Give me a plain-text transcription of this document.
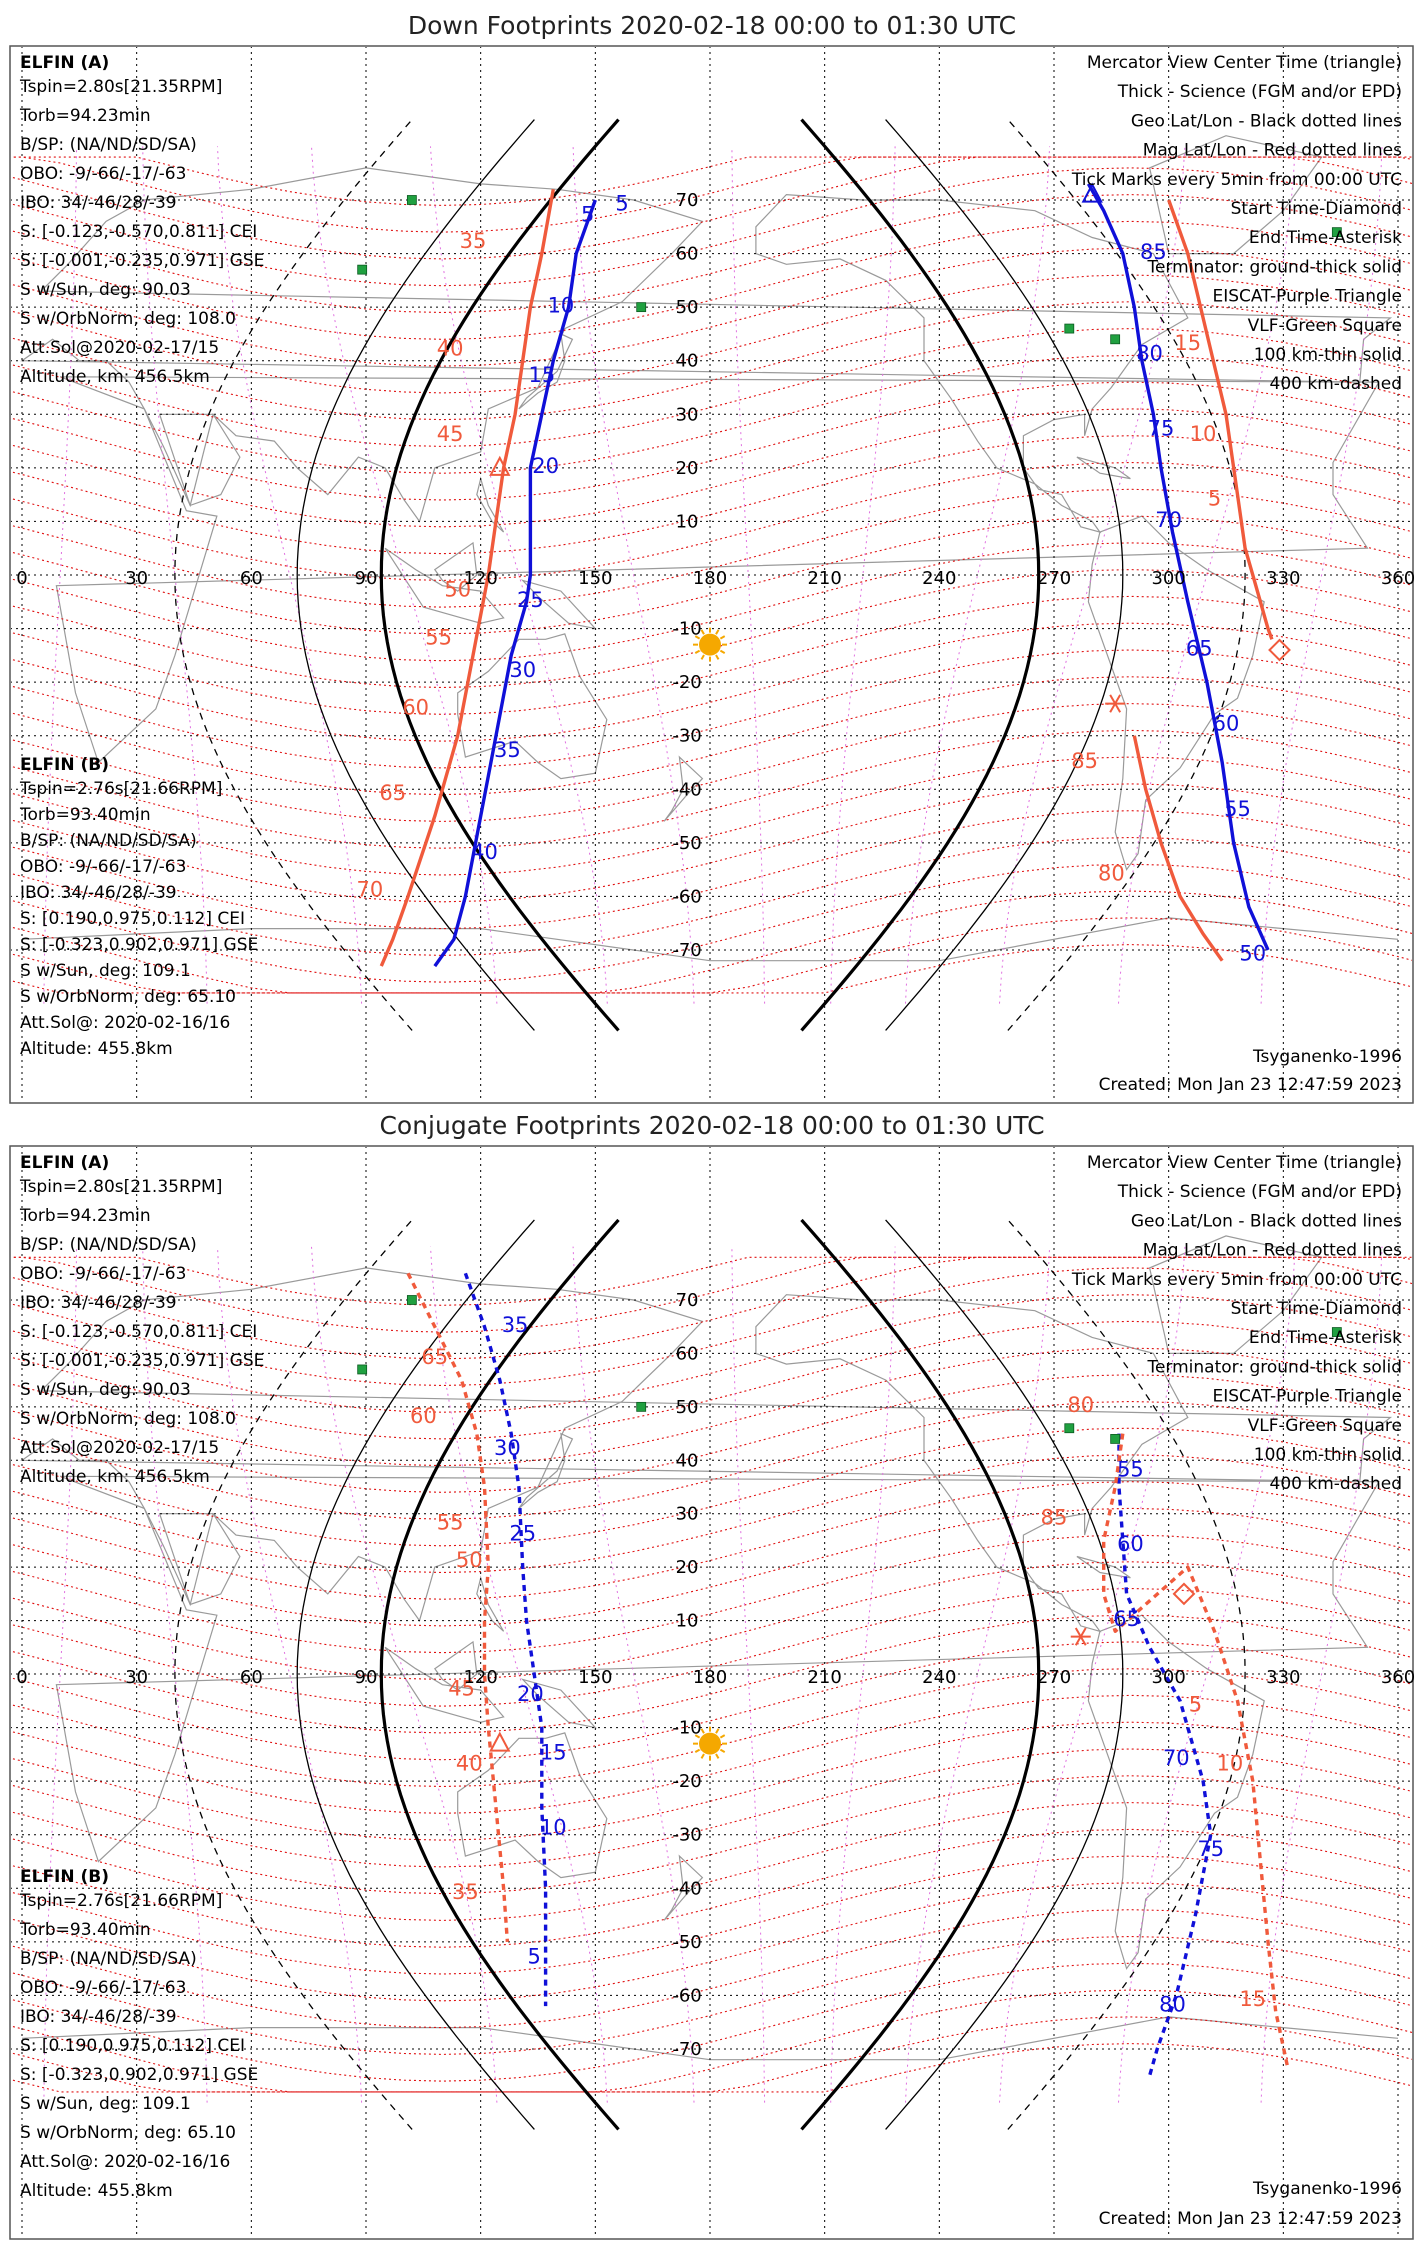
Down Footprints 2020-02-18 00:00 to 01:30 UTC
5
5
10
15
20
25
30
35
40
85
80
75
70
65
60
55
50
35
40
45
50
55
60
65
70
15
10
5
85
80
0	30	60	90	120	150	180	210	240	270	300	330	360
70
60
50
40
30
20
10
-10
-20
-30
-40
-50
-60
-70
ELFIN (A)
Tspin=2.80s[21.35RPM]
Torb=94.23min
B/SP: (NA/ND/SD/SA)
OBO: -9/-66/-17/-63
IBO: 34/-46/28/-39
S: [-0.123,-0.570,0.811] CEI
S: [-0.001,-0.235,0.971] GSE
S w/Sun, deg: 90.03
S w/OrbNorm, deg: 108.0
Att.Sol@2020-02-17/15
Altitude, km: 456.5km
ELFIN (B)
Tspin=2.76s[21.66RPM]
Torb=93.40min
B/SP: (NA/ND/SD/SA)
OBO: -9/-66/-17/-63
IBO: 34/-46/28/-39
S: [0.190,0.975,0.112] CEI
S: [-0.323,0.902,0.971] GSE
S w/Sun, deg: 109.1
S w/OrbNorm, deg: 65.10
Att.Sol@: 2020-02-16/16
Altitude: 455.8km
Mercator View Center Time (triangle)
Thick - Science (FGM and/or EPD)
Geo Lat/Lon - Black dotted lines
Mag Lat/Lon - Red dotted lines
Tick Marks every 5min from 00:00 UTC
Start Time-Diamond
End Time-Asterisk
Terminator: ground-thick solid
EISCAT-Purple Triangle
VLF-Green Square
100 km-thin solid
400 km-dashed
Tsyganenko-1996
Created: Mon Jan 23 12:47:59 2023
Conjugate Footprints 2020-02-18 00:00 to 01:30 UTC
35
30
25
20
15
10
5
55
60
65
70
75
80
65
60
55
50
45
40
35
80
85
5
10
15
0	30	60	90	120	150	180	210	240	270	300	330	360
70
60
50
40
30
20
10
-10
-20
-30
-40
-50
-60
-70
ELFIN (A)
Tspin=2.80s[21.35RPM]
Torb=94.23min
B/SP: (NA/ND/SD/SA)
OBO: -9/-66/-17/-63
IBO: 34/-46/28/-39
S: [-0.123,-0.570,0.811] CEI
S: [-0.001,-0.235,0.971] GSE
S w/Sun, deg: 90.03
S w/OrbNorm, deg: 108.0
Att.Sol@2020-02-17/15
Altitude, km: 456.5km
ELFIN (B)
Tspin=2.76s[21.66RPM]
Torb=93.40min
B/SP: (NA/ND/SD/SA)
OBO: -9/-66/-17/-63
IBO: 34/-46/28/-39
S: [0.190,0.975,0.112] CEI
S: [-0.323,0.902,0.971] GSE
S w/Sun, deg: 109.1
S w/OrbNorm, deg: 65.10
Att.Sol@: 2020-02-16/16
Altitude: 455.8km
Mercator View Center Time (triangle)
Thick - Science (FGM and/or EPD)
Geo Lat/Lon - Black dotted lines
Mag Lat/Lon - Red dotted lines
Tick Marks every 5min from 00:00 UTC
Start Time-Diamond
End Time-Asterisk
Terminator: ground-thick solid
EISCAT-Purple Triangle
VLF-Green Square
100 km-thin solid
400 km-dashed
Tsyganenko-1996
Created: Mon Jan 23 12:47:59 2023
